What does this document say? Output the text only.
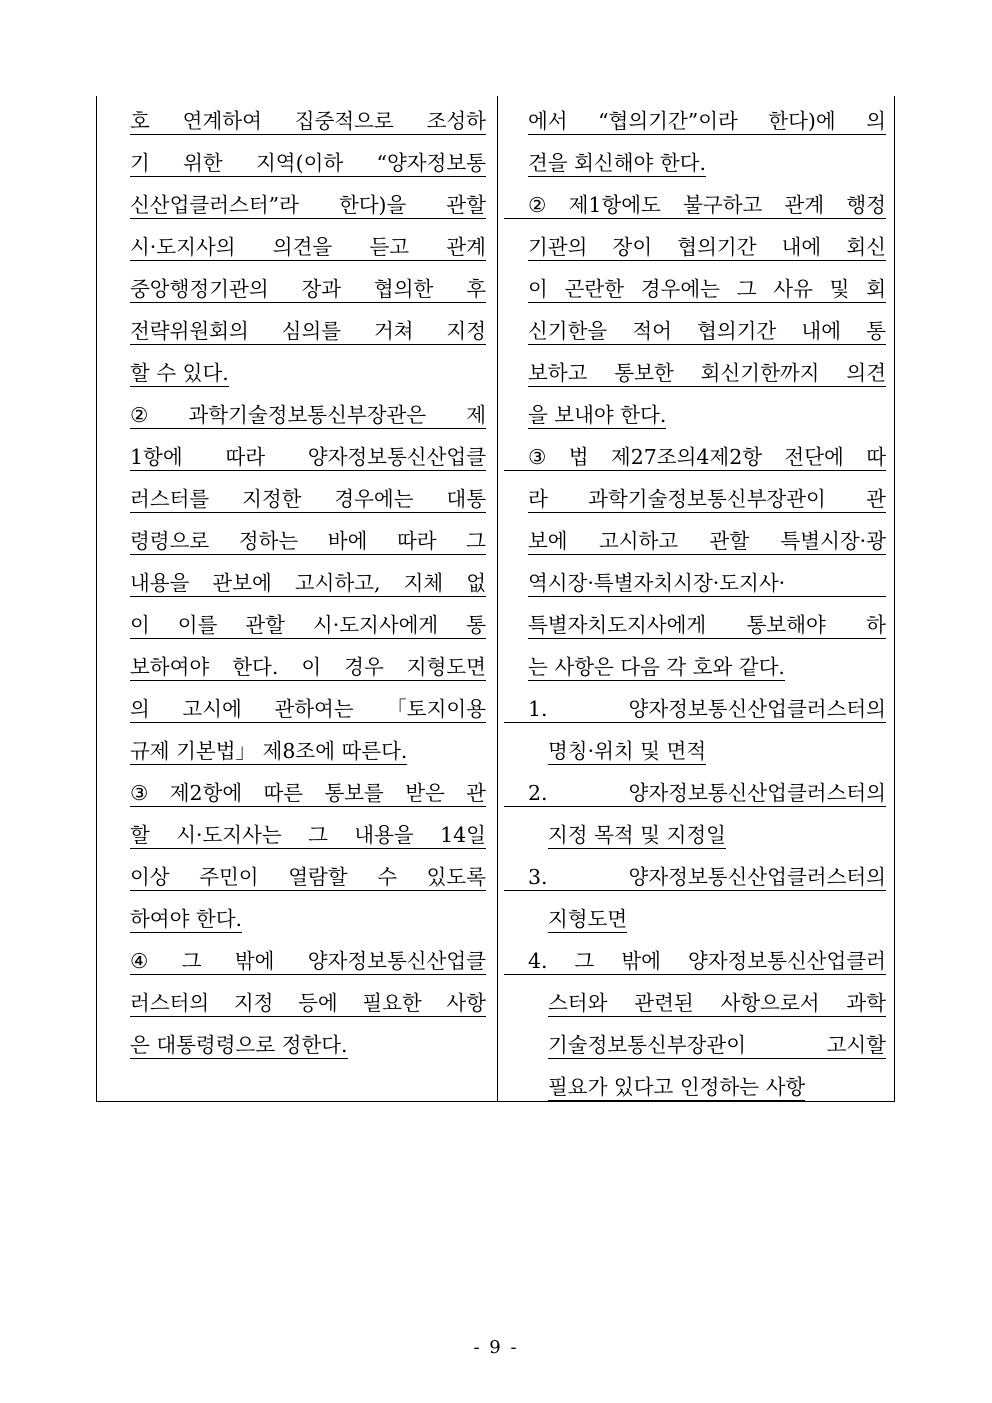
호 연계하여 집중적으로 조성하
기 위한 지역(이하 “양자정보통
신산업클러스터”라 한다)을 관할
시·도지사의 의견을 듣고 관계
중앙행정기관의 장과 협의한 후
전략위원회의 심의를 거쳐 지정
할 수 있다.
② 과학기술정보통신부장관은 제
1항에 따라 양자정보통신산업클
러스터를 지정한 경우에는 대통
령령으로 정하는 바에 따라 그
내용을 관보에 고시하고, 지체 없
이 이를 관할 시·도지사에게 통
보하여야 한다. 이 경우 지형도면
의 고시에 관하여는 「토지이용
규제 기본법」 제8조에 따른다.
③ 제2항에 따른 통보를 받은 관
할 시·도지사는 그 내용을 14일
이상 주민이 열람할 수 있도록
하여야 한다.
④ 그 밖에 양자정보통신산업클
러스터의 지정 등에 필요한 사항
은 대통령령으로 정한다.
에서 “협의기간”이라 한다)에 의
견을 회신해야 한다.
② 제1항에도 불구하고 관계 행정
기관의 장이 협의기간 내에 회신
이 곤란한 경우에는 그 사유 및 회
신기한을 적어 협의기간 내에 통
보하고 통보한 회신기한까지 의견
을 보내야 한다.
③ 법 제27조의4제2항 전단에 따
라 과학기술정보통신부장관이 관
보에 고시하고 관할 특별시장·광
역시장·특별자치시장·도지사·
특별자치도지사에게 통보해야 하
는 사항은 다음 각 호와 같다.
1.	양자정보통신산업클러스터의
명칭·위치 및 면적
2.	양자정보통신산업클러스터의
지정 목적 및 지정일
3.	양자정보통신산업클러스터의
지형도면
4. 그 밖에 양자정보통신산업클러
스터와 관련된 사항으로서 과학
기술정보통신부장관이	고시할
필요가 있다고 인정하는 사항
- 9 -
